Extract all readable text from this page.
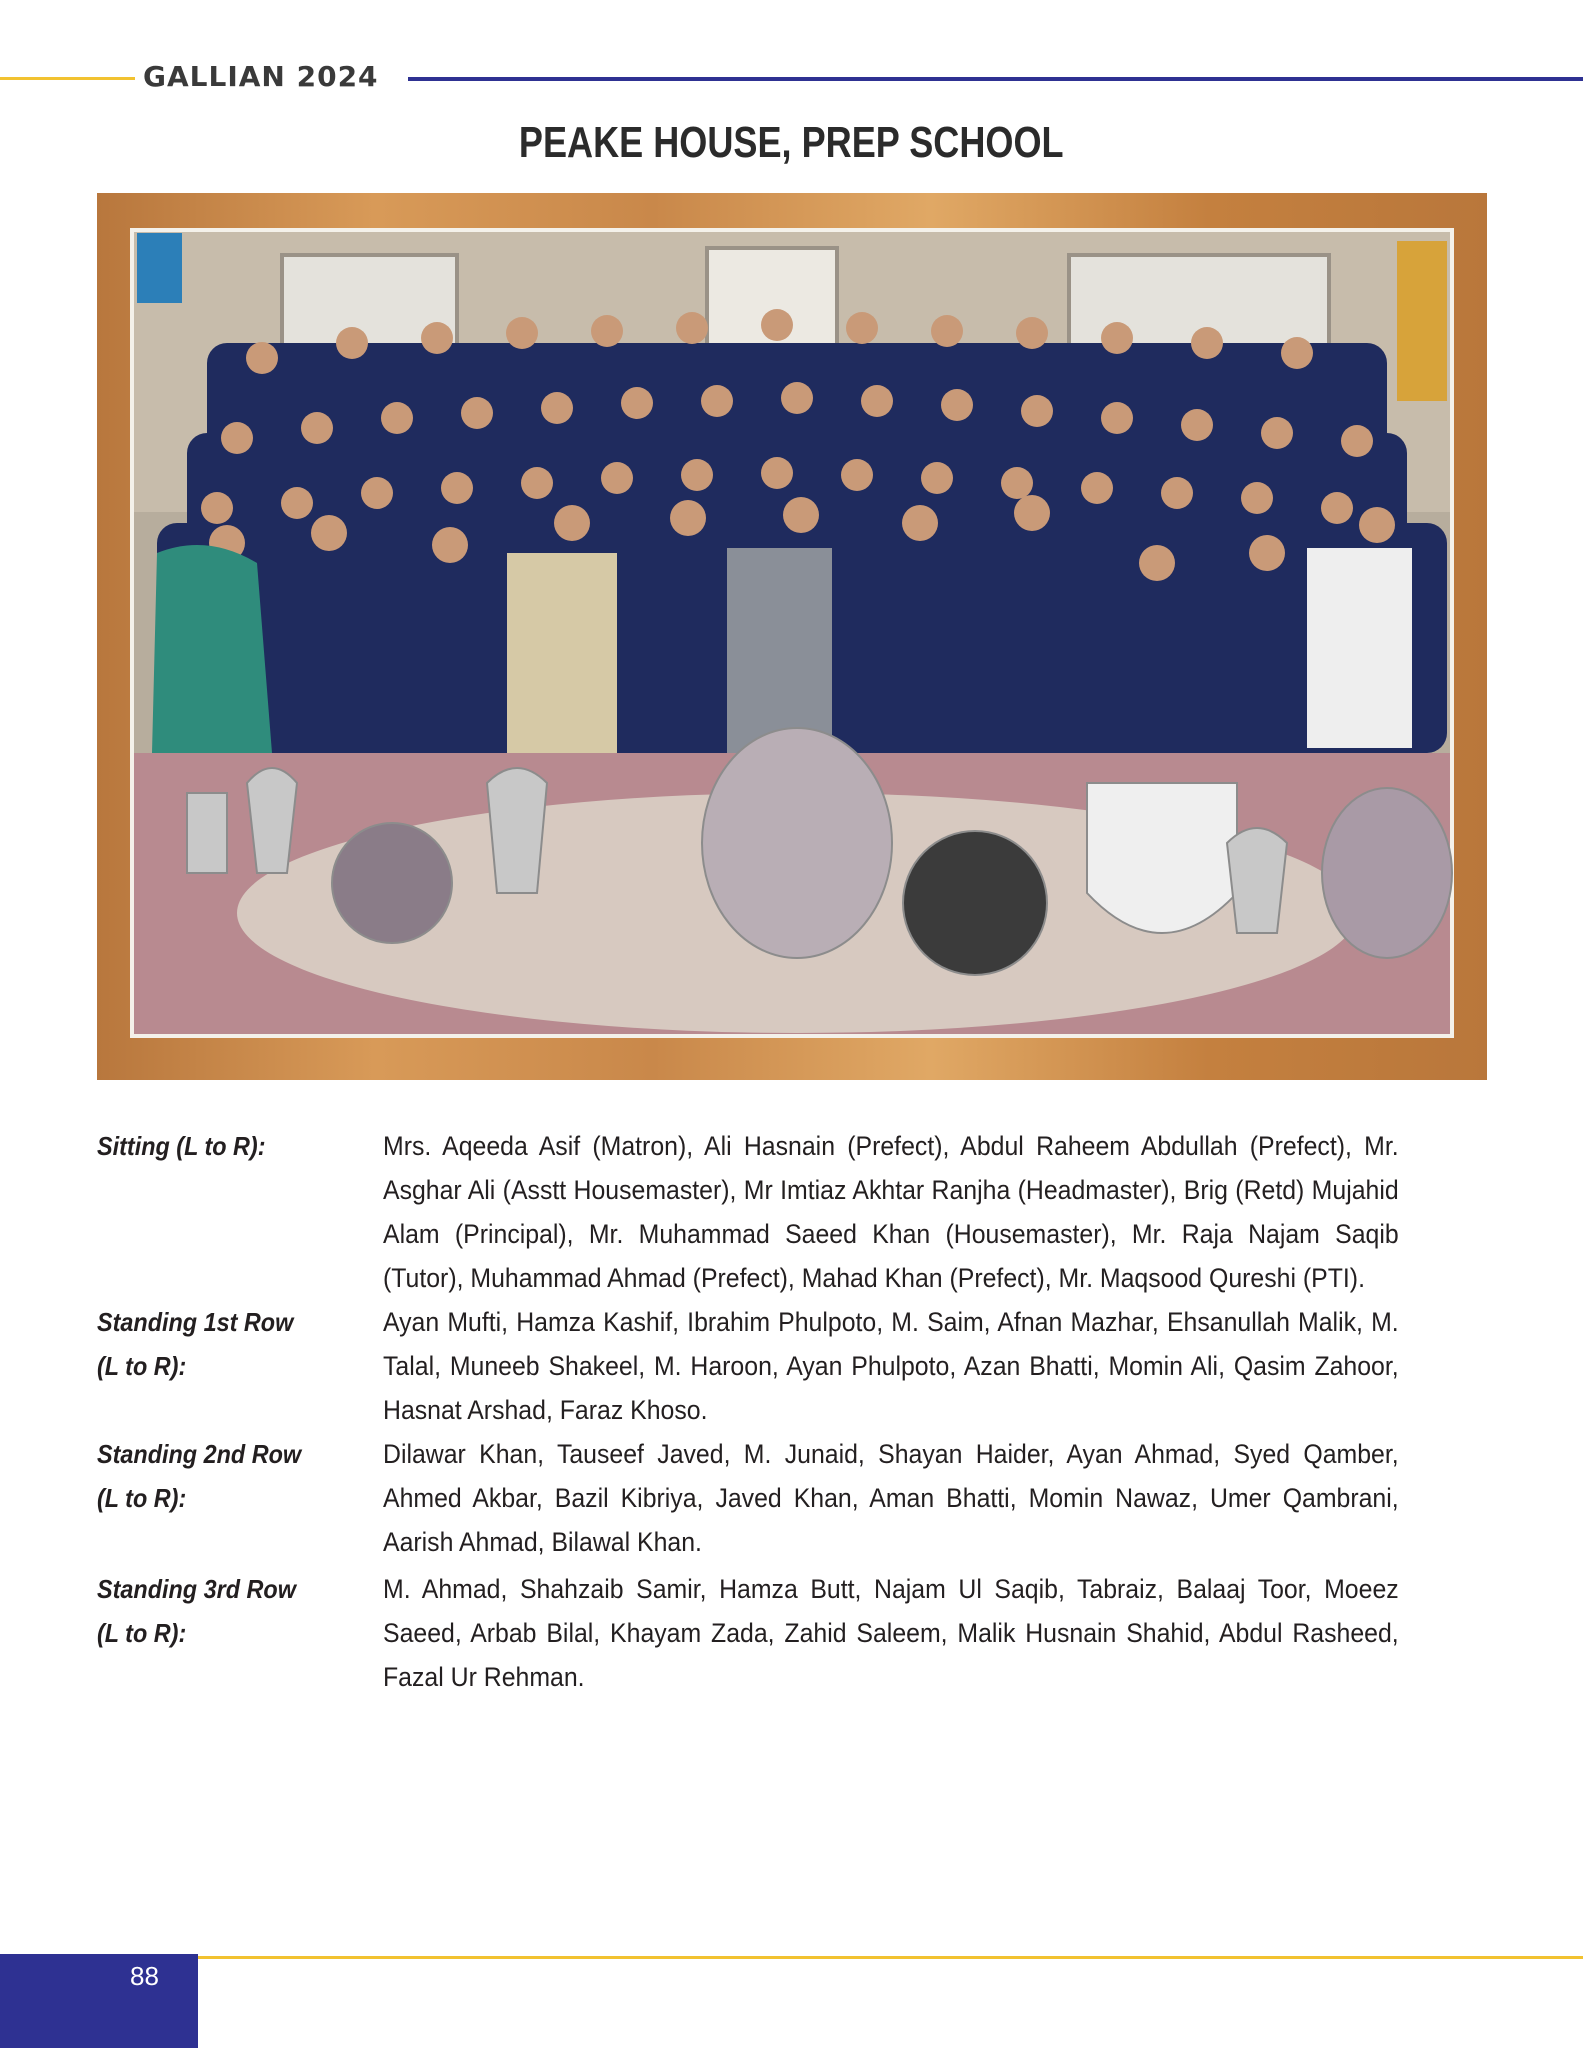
GALLIAN 2024
PEAKE HOUSE, PREP SCHOOL
Sitting (L to R):	Mrs. Aqeeda Asif (Matron), Ali Hasnain (Prefect), Abdul Raheem Abdullah (Prefect), Mr. Asghar Ali (Asstt Housemaster), Mr Imtiaz Akhtar Ranjha (Headmaster), Brig (Retd) Mujahid Alam (Principal), Mr. Muhammad Saeed Khan (Housemaster), Mr. Raja Najam Saqib (Tutor), Muhammad Ahmad (Prefect), Mahad Khan (Prefect), Mr. Maqsood Qureshi (PTI).
Standing 1st Row
(L to R):
Ayan Mufti, Hamza Kashif, Ibrahim Phulpoto, M. Saim, Afnan Mazhar, Ehsanullah Malik, M. Talal, Muneeb Shakeel, M. Haroon, Ayan Phulpoto, Azan Bhatti, Momin Ali, Qasim Zahoor, Hasnat Arshad, Faraz Khoso.
Standing 2nd Row
(L to R):
Dilawar Khan, Tauseef Javed, M. Junaid, Shayan Haider, Ayan Ahmad, Syed Qamber, Ahmed Akbar, Bazil Kibriya, Javed Khan, Aman Bhatti, Momin Nawaz, Umer Qambrani, Aarish Ahmad, Bilawal Khan.
Standing 3rd Row
(L to R):
M. Ahmad, Shahzaib Samir, Hamza Butt, Najam Ul Saqib, Tabraiz, Balaaj Toor, Moeez Saeed, Arbab Bilal, Khayam Zada, Zahid Saleem, Malik Husnain Shahid, Abdul Rasheed, Fazal Ur Rehman.
88
